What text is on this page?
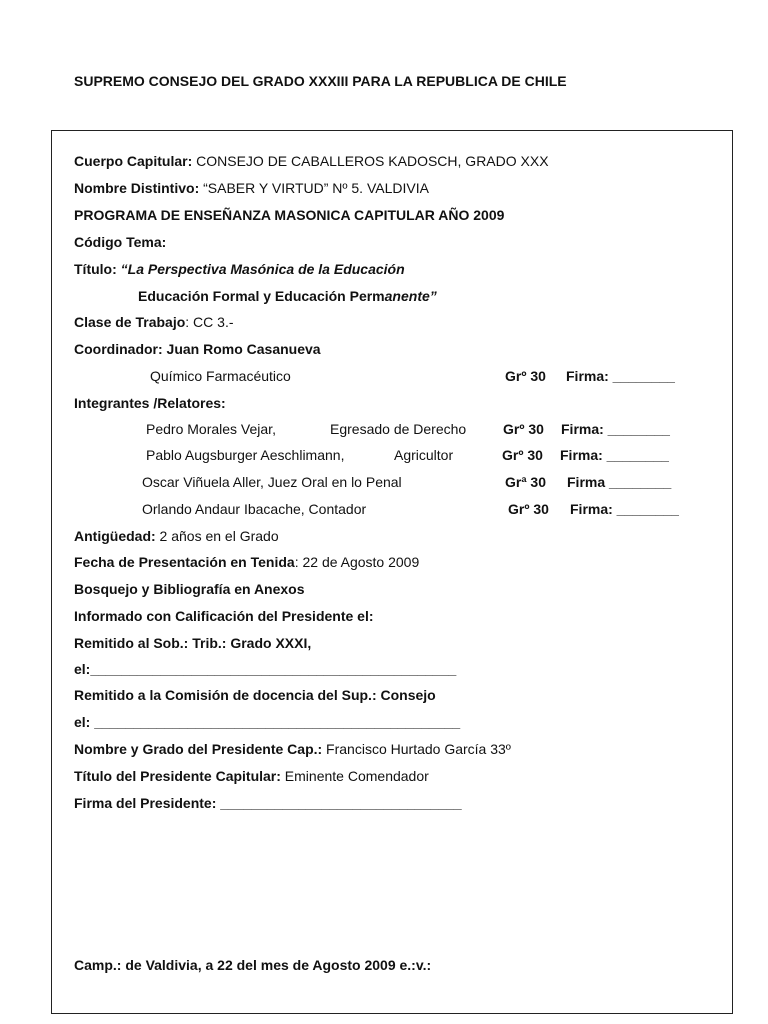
SUPREMO CONSEJO DEL GRADO XXXIII PARA LA REPUBLICA DE CHILE
Cuerpo Capitular: CONSEJO DE CABALLEROS KADOSCH, GRADO XXX
Nombre Distintivo: “SABER Y VIRTUD” Nº 5. VALDIVIA
PROGRAMA DE ENSEÑANZA MASONICA CAPITULAR AÑO 2009
Código Tema:
Título: “La Perspectiva Masónica de la Educación
Educación Formal y Educación Permanente”
Clase de Trabajo: CC 3.-
Coordinador: Juan Romo Casanueva
Químico Farmacéutico	Grº 30 Firma: ________
Integrantes /Relatores:
Pedro Morales Vejar,	Egresado de Derecho	Grº 30 Firma: ________
Pablo Augsburger Aeschlimann,	Agricultor	Grº 30 Firma: ________
Oscar Viñuela Aller, Juez Oral en lo Penal	Grª 30 Firma ________
Orlando Andaur Ibacache, Contador	Grº 30 Firma: ________
Antigüedad: 2 años en el Grado
Fecha de Presentación en Tenida: 22 de Agosto 2009
Bosquejo y Bibliografía en Anexos
Informado con Calificación del Presidente el:
Remitido al Sob.: Trib.: Grado XXXI,
el:_______________________________________________
Remitido a la Comisión de docencia del Sup.: Consejo
el: _______________________________________________
Nombre y Grado del Presidente Cap.: Francisco Hurtado García 33º
Título del Presidente Capitular: Eminente Comendador
Firma del Presidente: _______________________________
Camp.: de Valdivia, a 22 del mes de Agosto 2009 e.:v.:
